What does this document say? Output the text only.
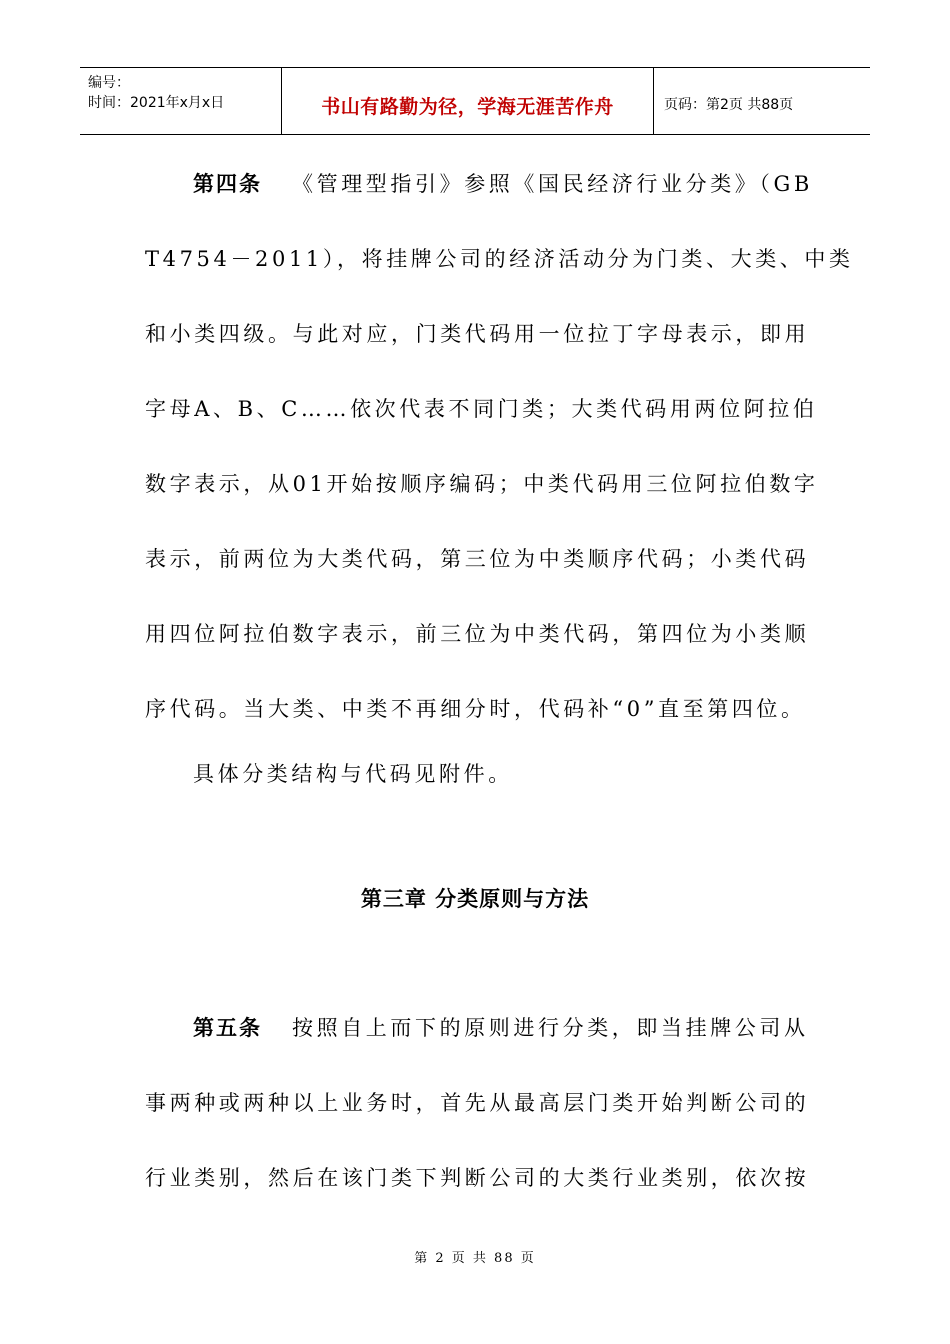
编号：
时间：2021年x月x日	书山有路勤为径，学海无涯苦作舟	页码：第2页 共88页
第四条 《管理型指引》参照《国民经济行业分类》（GB
T4754－2011），将挂牌公司的经济活动分为门类、大类、中类
和小类四级。与此对应，门类代码用一位拉丁字母表示，即用
字母A、B、C……依次代表不同门类；大类代码用两位阿拉伯
数字表示，从01开始按顺序编码；中类代码用三位阿拉伯数字
表示，前两位为大类代码，第三位为中类顺序代码；小类代码
用四位阿拉伯数字表示，前三位为中类代码，第四位为小类顺
序代码。当大类、中类不再细分时，代码补“0”直至第四位。
具体分类结构与代码见附件。
第三章 分类原则与方法
第五条 按照自上而下的原则进行分类，即当挂牌公司从
事两种或两种以上业务时，首先从最高层门类开始判断公司的
行业类别，然后在该门类下判断公司的大类行业类别，依次按
第 2 页 共 88 页
